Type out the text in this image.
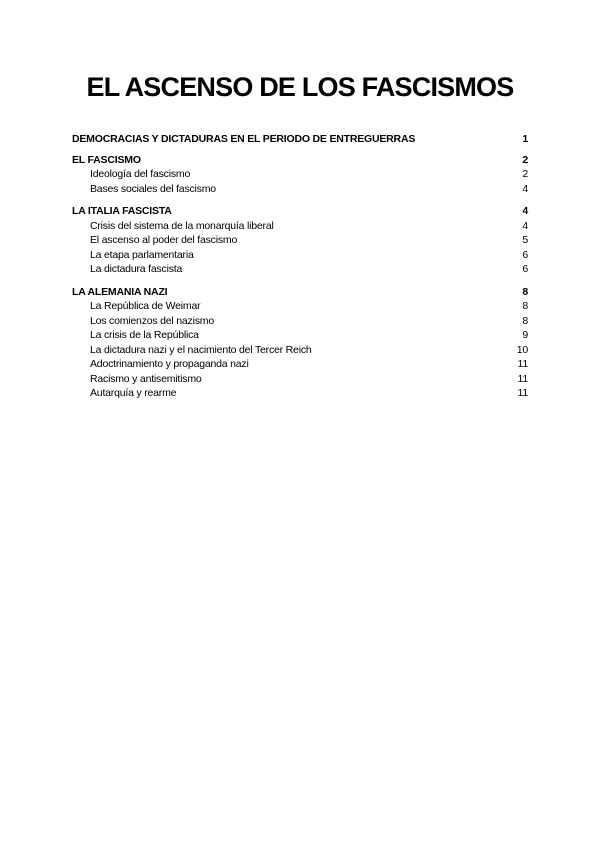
EL ASCENSO DE LOS FASCISMOS
DEMOCRACIAS Y DICTADURAS EN EL PERIODO DE ENTREGUERRAS	1
EL FASCISMO	2
Ideología del fascismo	2
Bases sociales del fascismo	4
LA ITALIA FASCISTA	4
Crisis del sistema de la monarquía liberal	4
El ascenso al poder del fascismo	5
La etapa parlamentaria	6
La dictadura fascista	6
LA ALEMANIA NAZI	8
La República de Weimar	8
Los comienzos del nazismo	8
La crisis de la República	9
La dictadura nazi y el nacimiento del Tercer Reich	10
Adoctrinamiento y propaganda nazi	11
Racismo y antisemitismo	11
Autarquía y rearme	11
